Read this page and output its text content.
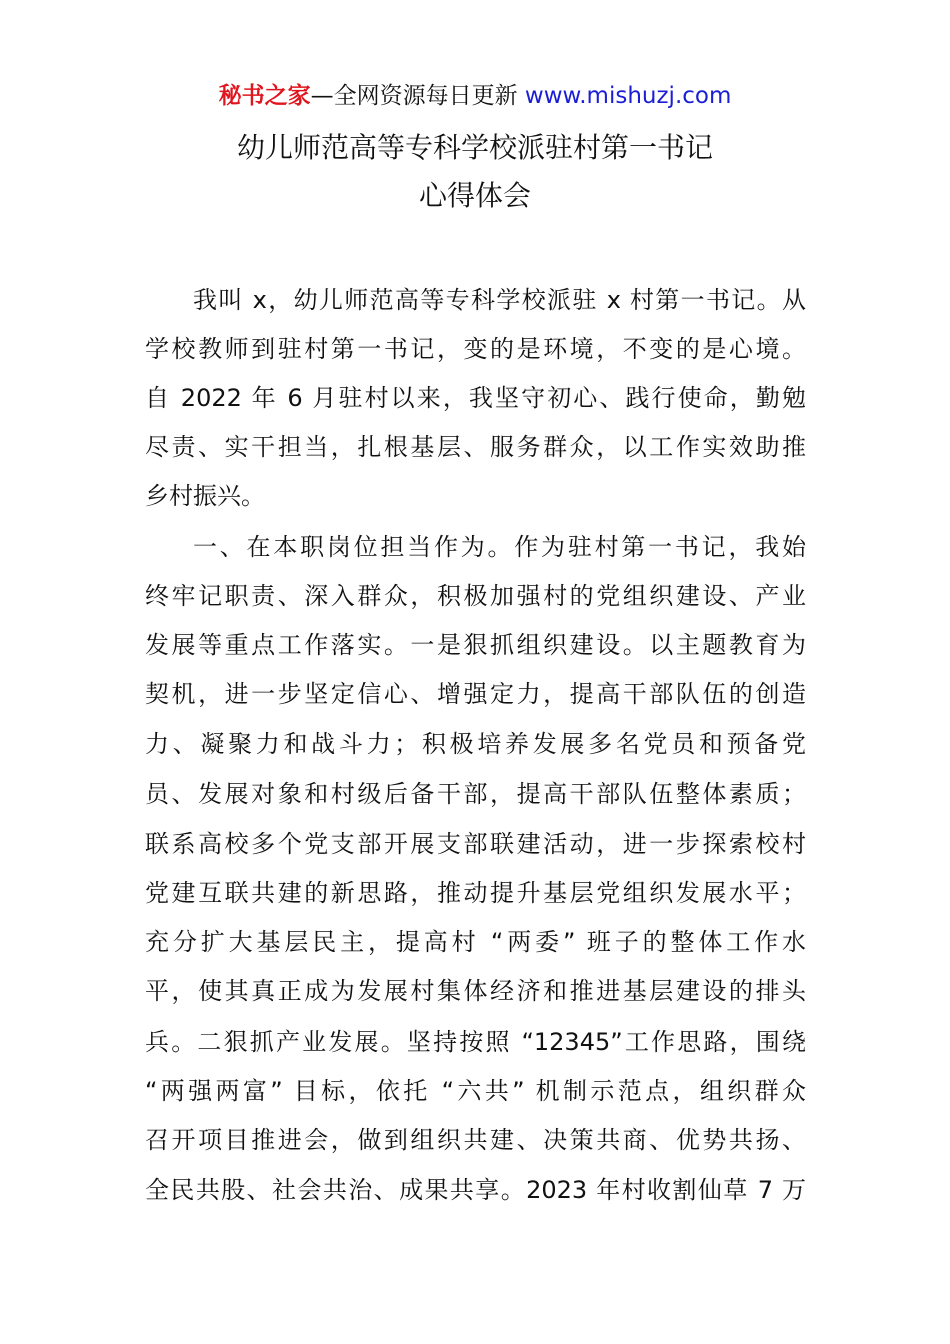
秘书之家—全网资源每日更新 www.mishuzj.com
幼儿师范高等专科学校派驻村第一书记
心得体会
我叫 x，幼儿师范高等专科学校派驻 x 村第一书记。从
学校教师到驻村第一书记，变的是环境，不变的是心境。
自 2022 年 6 月驻村以来，我坚守初心、践行使命，勤勉
尽责、实干担当，扎根基层、服务群众，以工作实效助推
乡村振兴。
一、在本职岗位担当作为。作为驻村第一书记，我始
终牢记职责、深入群众，积极加强村的党组织建设、产业
发展等重点工作落实。一是狠抓组织建设。以主题教育为
契机，进一步坚定信心、增强定力，提高干部队伍的创造
力、凝聚力和战斗力；积极培养发展多名党员和预备党
员、发展对象和村级后备干部，提高干部队伍整体素质；
联系高校多个党支部开展支部联建活动，进一步探索校村
党建互联共建的新思路，推动提升基层党组织发展水平；
充分扩大基层民主，提高村 “两委” 班子的整体工作水
平，使其真正成为发展村集体经济和推进基层建设的排头
兵。二狠抓产业发展。坚持按照 “12345”工作思路，围绕
“两强两富” 目标，依托 “六共” 机制示范点，组织群众
召开项目推进会，做到组织共建、决策共商、优势共扬、
全民共股、社会共治、成果共享。2023 年村收割仙草 7 万
